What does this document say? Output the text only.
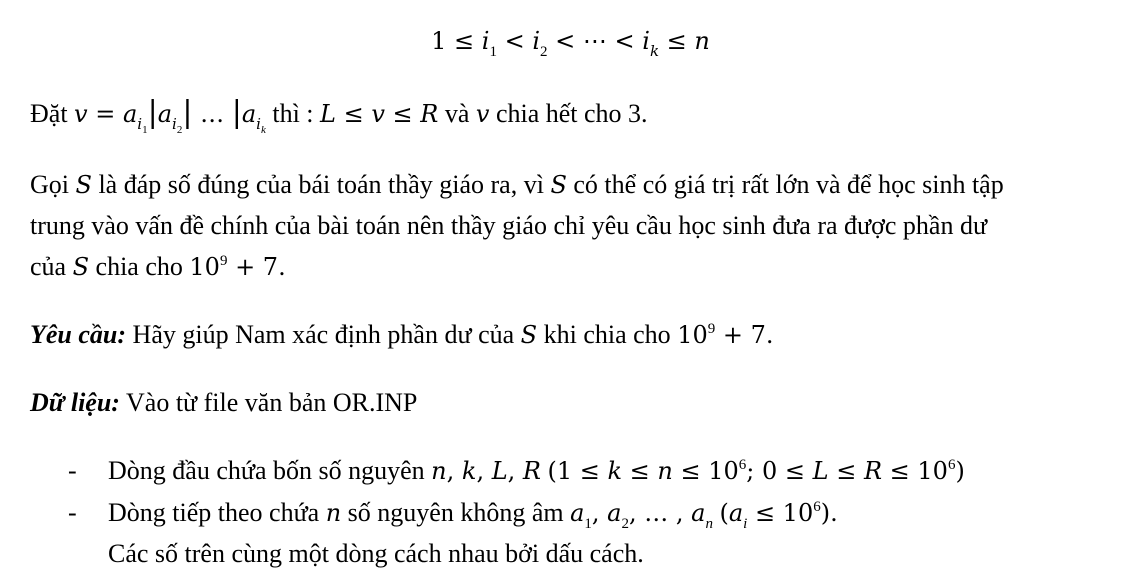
$1 \le i_1 < i_2$ < ⋯ < $i_k \le n$
Đặt $v = a_{i_1}|a_{i_2}|$ … $|a_{i_k}$ thì : L ≤ v ≤ R và v chia hết cho 3.
Gọi S là đáp số đúng của bái toán thầy giáo ra, vì S có thể có giá trị rất lớn và để học sinh tập
trung vào vấn đề chính của bài toán nên thầy giáo chỉ yêu cầu học sinh đưa ra được phần dư
của S chia cho $10^9 + 7$.
Yêu cầu: Hãy giúp Nam xác định phần dư của S khi chia cho $10^9 + 7$.
Dữ liệu: Vào từ file văn bản OR.INP
- Dòng đầu chứa bốn số nguyên n, k, L, R ($1 \le k \le n \le 10^6$; $0 \le L \le R \le 10^6$)
- Dòng tiếp theo chứa n số nguyên không âm $a_1$, $a_2$, … , $a_n$ $(a_i \le 10^6)$.
Các số trên cùng một dòng cách nhau bởi dấu cách.
